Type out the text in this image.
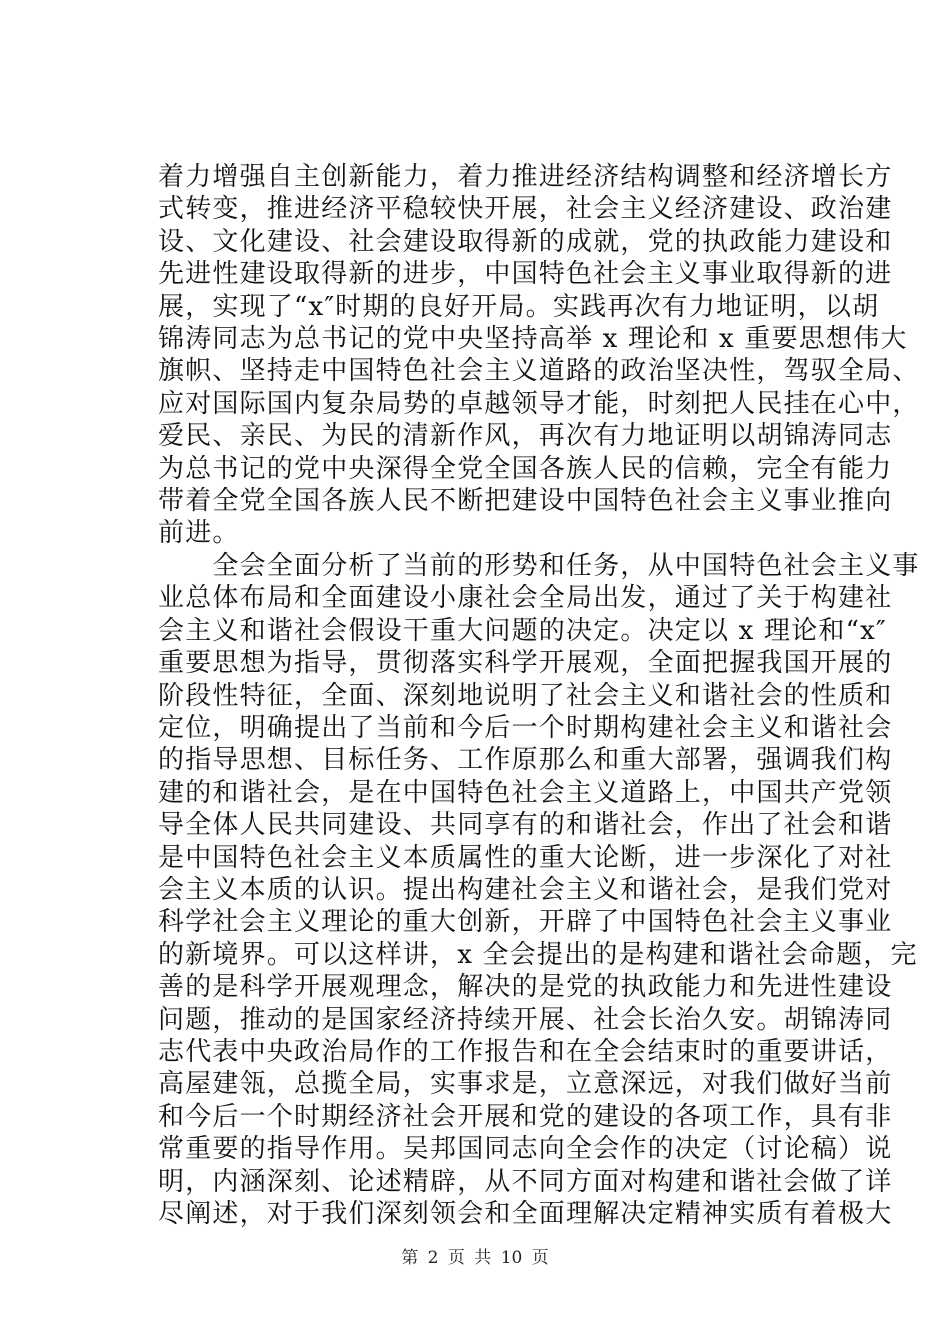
着力增强自主创新能力，着力推进经济结构调整和经济增长方
式转变，推进经济平稳较快开展，社会主义经济建设、政治建
设、文化建设、社会建设取得新的成就，党的执政能力建设和
先进性建设取得新的进步，中国特色社会主义事业取得新的进
展，实现了“x″时期的良好开局。实践再次有力地证明，以胡
锦涛同志为总书记的党中央坚持高举 x 理论和 x 重要思想伟大
旗帜、坚持走中国特色社会主义道路的政治坚决性，驾驭全局、
应对国际国内复杂局势的卓越领导才能，时刻把人民挂在心中，
爱民、亲民、为民的清新作风，再次有力地证明以胡锦涛同志
为总书记的党中央深得全党全国各族人民的信赖，完全有能力
带着全党全国各族人民不断把建设中国特色社会主义事业推向
前进。
　　全会全面分析了当前的形势和任务，从中国特色社会主义事
业总体布局和全面建设小康社会全局出发，通过了关于构建社
会主义和谐社会假设干重大问题的决定。决定以 x 理论和“x″
重要思想为指导，贯彻落实科学开展观，全面把握我国开展的
阶段性特征，全面、深刻地说明了社会主义和谐社会的性质和
定位，明确提出了当前和今后一个时期构建社会主义和谐社会
的指导思想、目标任务、工作原那么和重大部署，强调我们构
建的和谐社会，是在中国特色社会主义道路上，中国共产党领
导全体人民共同建设、共同享有的和谐社会，作出了社会和谐
是中国特色社会主义本质属性的重大论断，进一步深化了对社
会主义本质的认识。提出构建社会主义和谐社会，是我们党对
科学社会主义理论的重大创新，开辟了中国特色社会主义事业
的新境界。可以这样讲，x 全会提出的是构建和谐社会命题，完
善的是科学开展观理念，解决的是党的执政能力和先进性建设
问题，推动的是国家经济持续开展、社会长治久安。胡锦涛同
志代表中央政治局作的工作报告和在全会结束时的重要讲话，
高屋建瓴，总揽全局，实事求是，立意深远，对我们做好当前
和今后一个时期经济社会开展和党的建设的各项工作，具有非
常重要的指导作用。吴邦国同志向全会作的决定（讨论稿）说
明，内涵深刻、论述精辟，从不同方面对构建和谐社会做了详
尽阐述，对于我们深刻领会和全面理解决定精神实质有着极大
第 2 页 共 10 页
